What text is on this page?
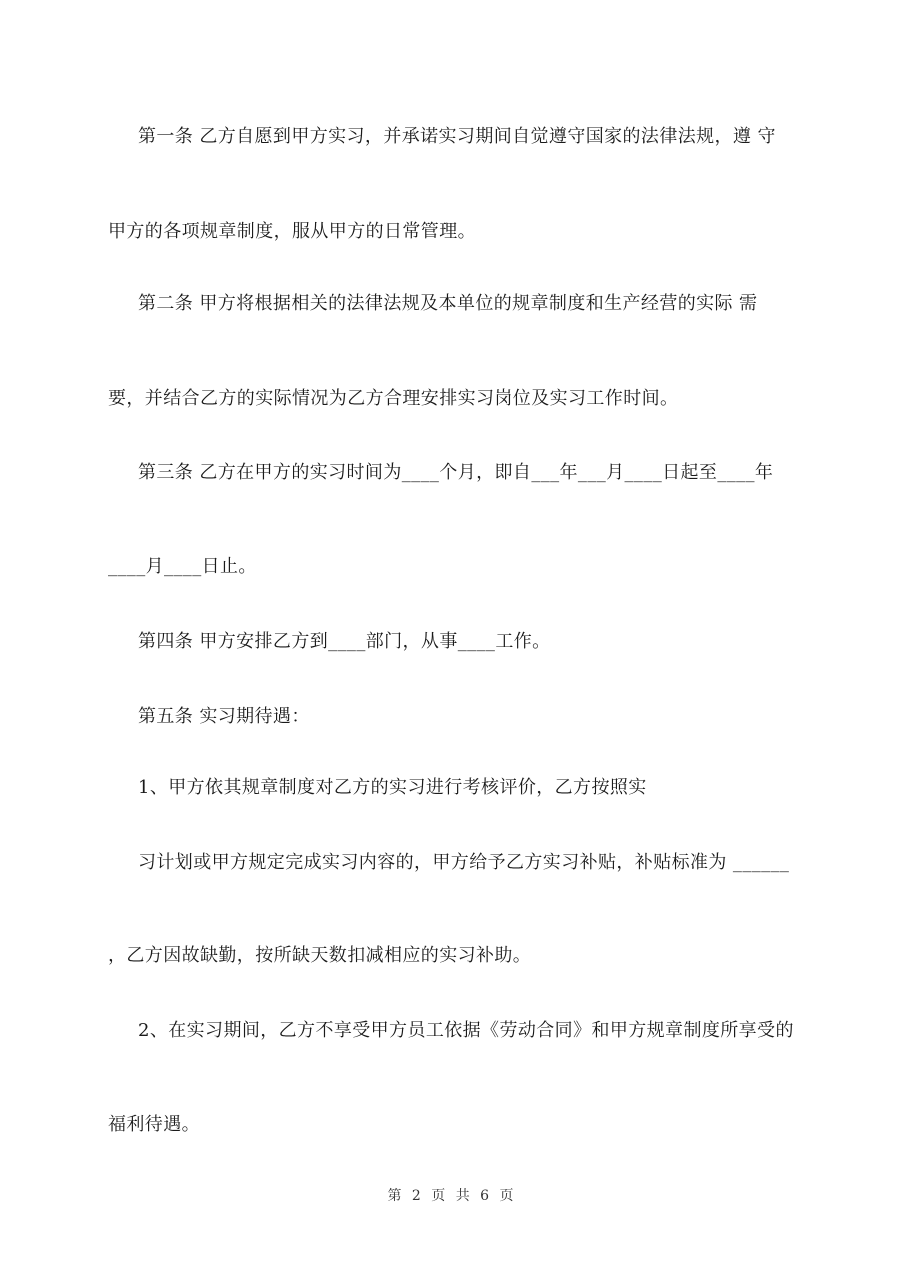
第一条 乙方自愿到甲方实习，并承诺实习期间自觉遵守国家的法律法规，遵 守
甲方的各项规章制度，服从甲方的日常管理。
第二条 甲方将根据相关的法律法规及本单位的规章制度和生产经营的实际 需
要，并结合乙方的实际情况为乙方合理安排实习岗位及实习工作时间。
第三条 乙方在甲方的实习时间为____个月，即自___年___月____日起至____年
____月____日止。
第四条 甲方安排乙方到____部门，从事____工作。
第五条 实习期待遇：
1、甲方依其规章制度对乙方的实习进行考核评价，乙方按照实
习计划或甲方规定完成实习内容的，甲方给予乙方实习补贴，补贴标准为 ______
，乙方因故缺勤，按所缺天数扣减相应的实习补助。
2、在实习期间，乙方不享受甲方员工依据《劳动合同》和甲方规章制度所享受的
福利待遇。
第 2 页 共 6 页
